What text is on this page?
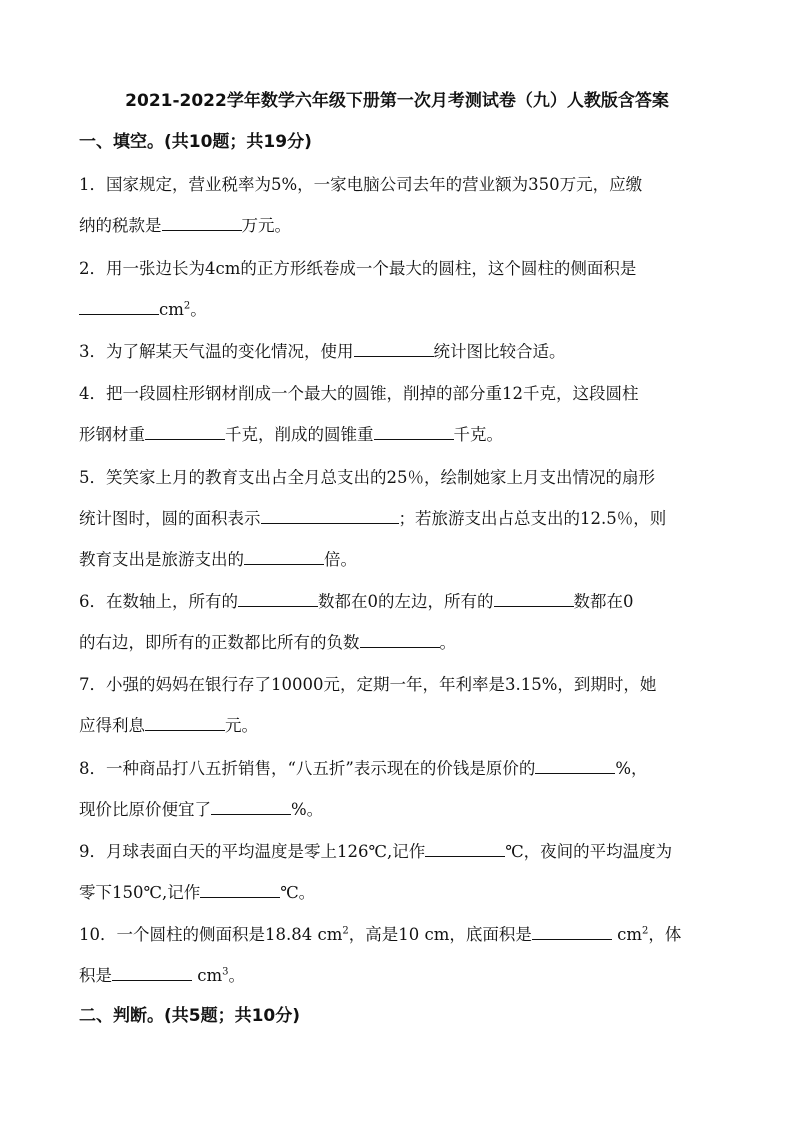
2021-2022学年数学六年级下册第一次月考测试卷（九）人教版含答案
一、填空。(共10题；共19分)
1．国家规定，营业税率为5%，一家电脑公司去年的营业额为350万元，应缴
纳的税款是	万元。
2．用一张边长为4cm的正方形纸卷成一个最大的圆柱，这个圆柱的侧面积是
$cm^2$。
3．为了解某天气温的变化情况，使用	统计图比较合适。
4．把一段圆柱形钢材削成一个最大的圆锥，削掉的部分重12千克，这段圆柱
形钢材重	千克，削成的圆锥重	千克。
5．笑笑家上月的教育支出占全月总支出的25％，绘制她家上月支出情况的扇形
统计图时，圆的面积表示	；若旅游支出占总支出的12.5％，则
教育支出是旅游支出的	倍。
6．在数轴上，所有的	数都在0的左边，所有的	数都在0
的右边，即所有的正数都比所有的负数	。
7．小强的妈妈在银行存了10000元，定期一年，年利率是3.15%，到期时，她
应得利息	元。
8．一种商品打八五折销售，“八五折”表示现在的价钱是原价的	%，
现价比原价便宜了	%。
9．月球表面白天的平均温度是零上126℃,记作	℃，夜间的平均温度为
零下150℃,记作	℃。
10．一个圆柱的侧面积是18.84 $cm^2$，高是10 cm，底面积是	$cm^2$，体
积是	$cm^3$。
二、判断。(共5题；共10分)
